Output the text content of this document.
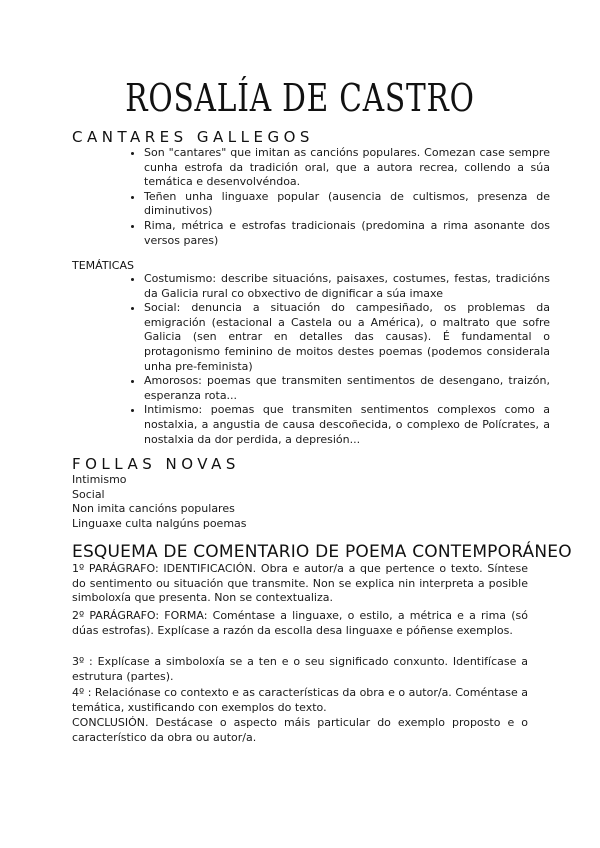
ROSALÍA DE CASTRO
CANTARES GALLEGOS
• Son "cantares" que imitan as cancións populares. Comezan case sempre cunha estrofa da tradición oral, que a autora recrea, collendo a súa temática e desenvolvéndoa.
• Teñen unha linguaxe popular (ausencia de cultismos, presenza de diminutivos)
• Rima, métrica e estrofas tradicionais (predomina a rima asonante dos versos pares)
TEMÁTICAS
• Costumismo: describe situacións, paisaxes, costumes, festas, tradicións da Galicia rural co obxectivo de dignificar a súa imaxe
• Social: denuncia a situación do campesiñado, os problemas da emigración (estacional a Castela ou a América), o maltrato que sofre Galicia (sen entrar en detalles das causas). É fundamental o protagonismo feminino de moitos destes poemas (podemos considerala unha pre-feminista)
• Amorosos: poemas que transmiten sentimentos de desengano, traizón, esperanza rota...
• Intimismo: poemas que transmiten sentimentos complexos como a nostalxia, a angustia de causa descoñecida, o complexo de Polícrates, a nostalxia da dor perdida, a depresión...
FOLLAS NOVAS
Intimismo
Social
Non imita cancións populares
Linguaxe culta nalgúns poemas
ESQUEMA DE COMENTARIO DE POEMA CONTEMPORÁNEO

1º PARÁGRAFO: IDENTIFICACIÓN. Obra e autor/a a que pertence o texto. Síntese do sentimento ou situación que transmite. Non se explica nin interpreta a posible simboloxía que presenta. Non se contextualiza.

2º PARÁGRAFO: FORMA: Coméntase a linguaxe, o estilo, a métrica e a rima (só dúas estrofas). Explícase a razón da escolla desa linguaxe e póñense exemplos.

3º : Explícase a simboloxía se a ten e o seu significado conxunto. Identifícase a estrutura (partes).

4º : Relaciónase co contexto e as características da obra e o autor/a. Coméntase a temática, xustificando con exemplos do texto.

CONCLUSIÓN. Destácase o aspecto máis particular do exemplo proposto e o característico da obra ou autor/a.
